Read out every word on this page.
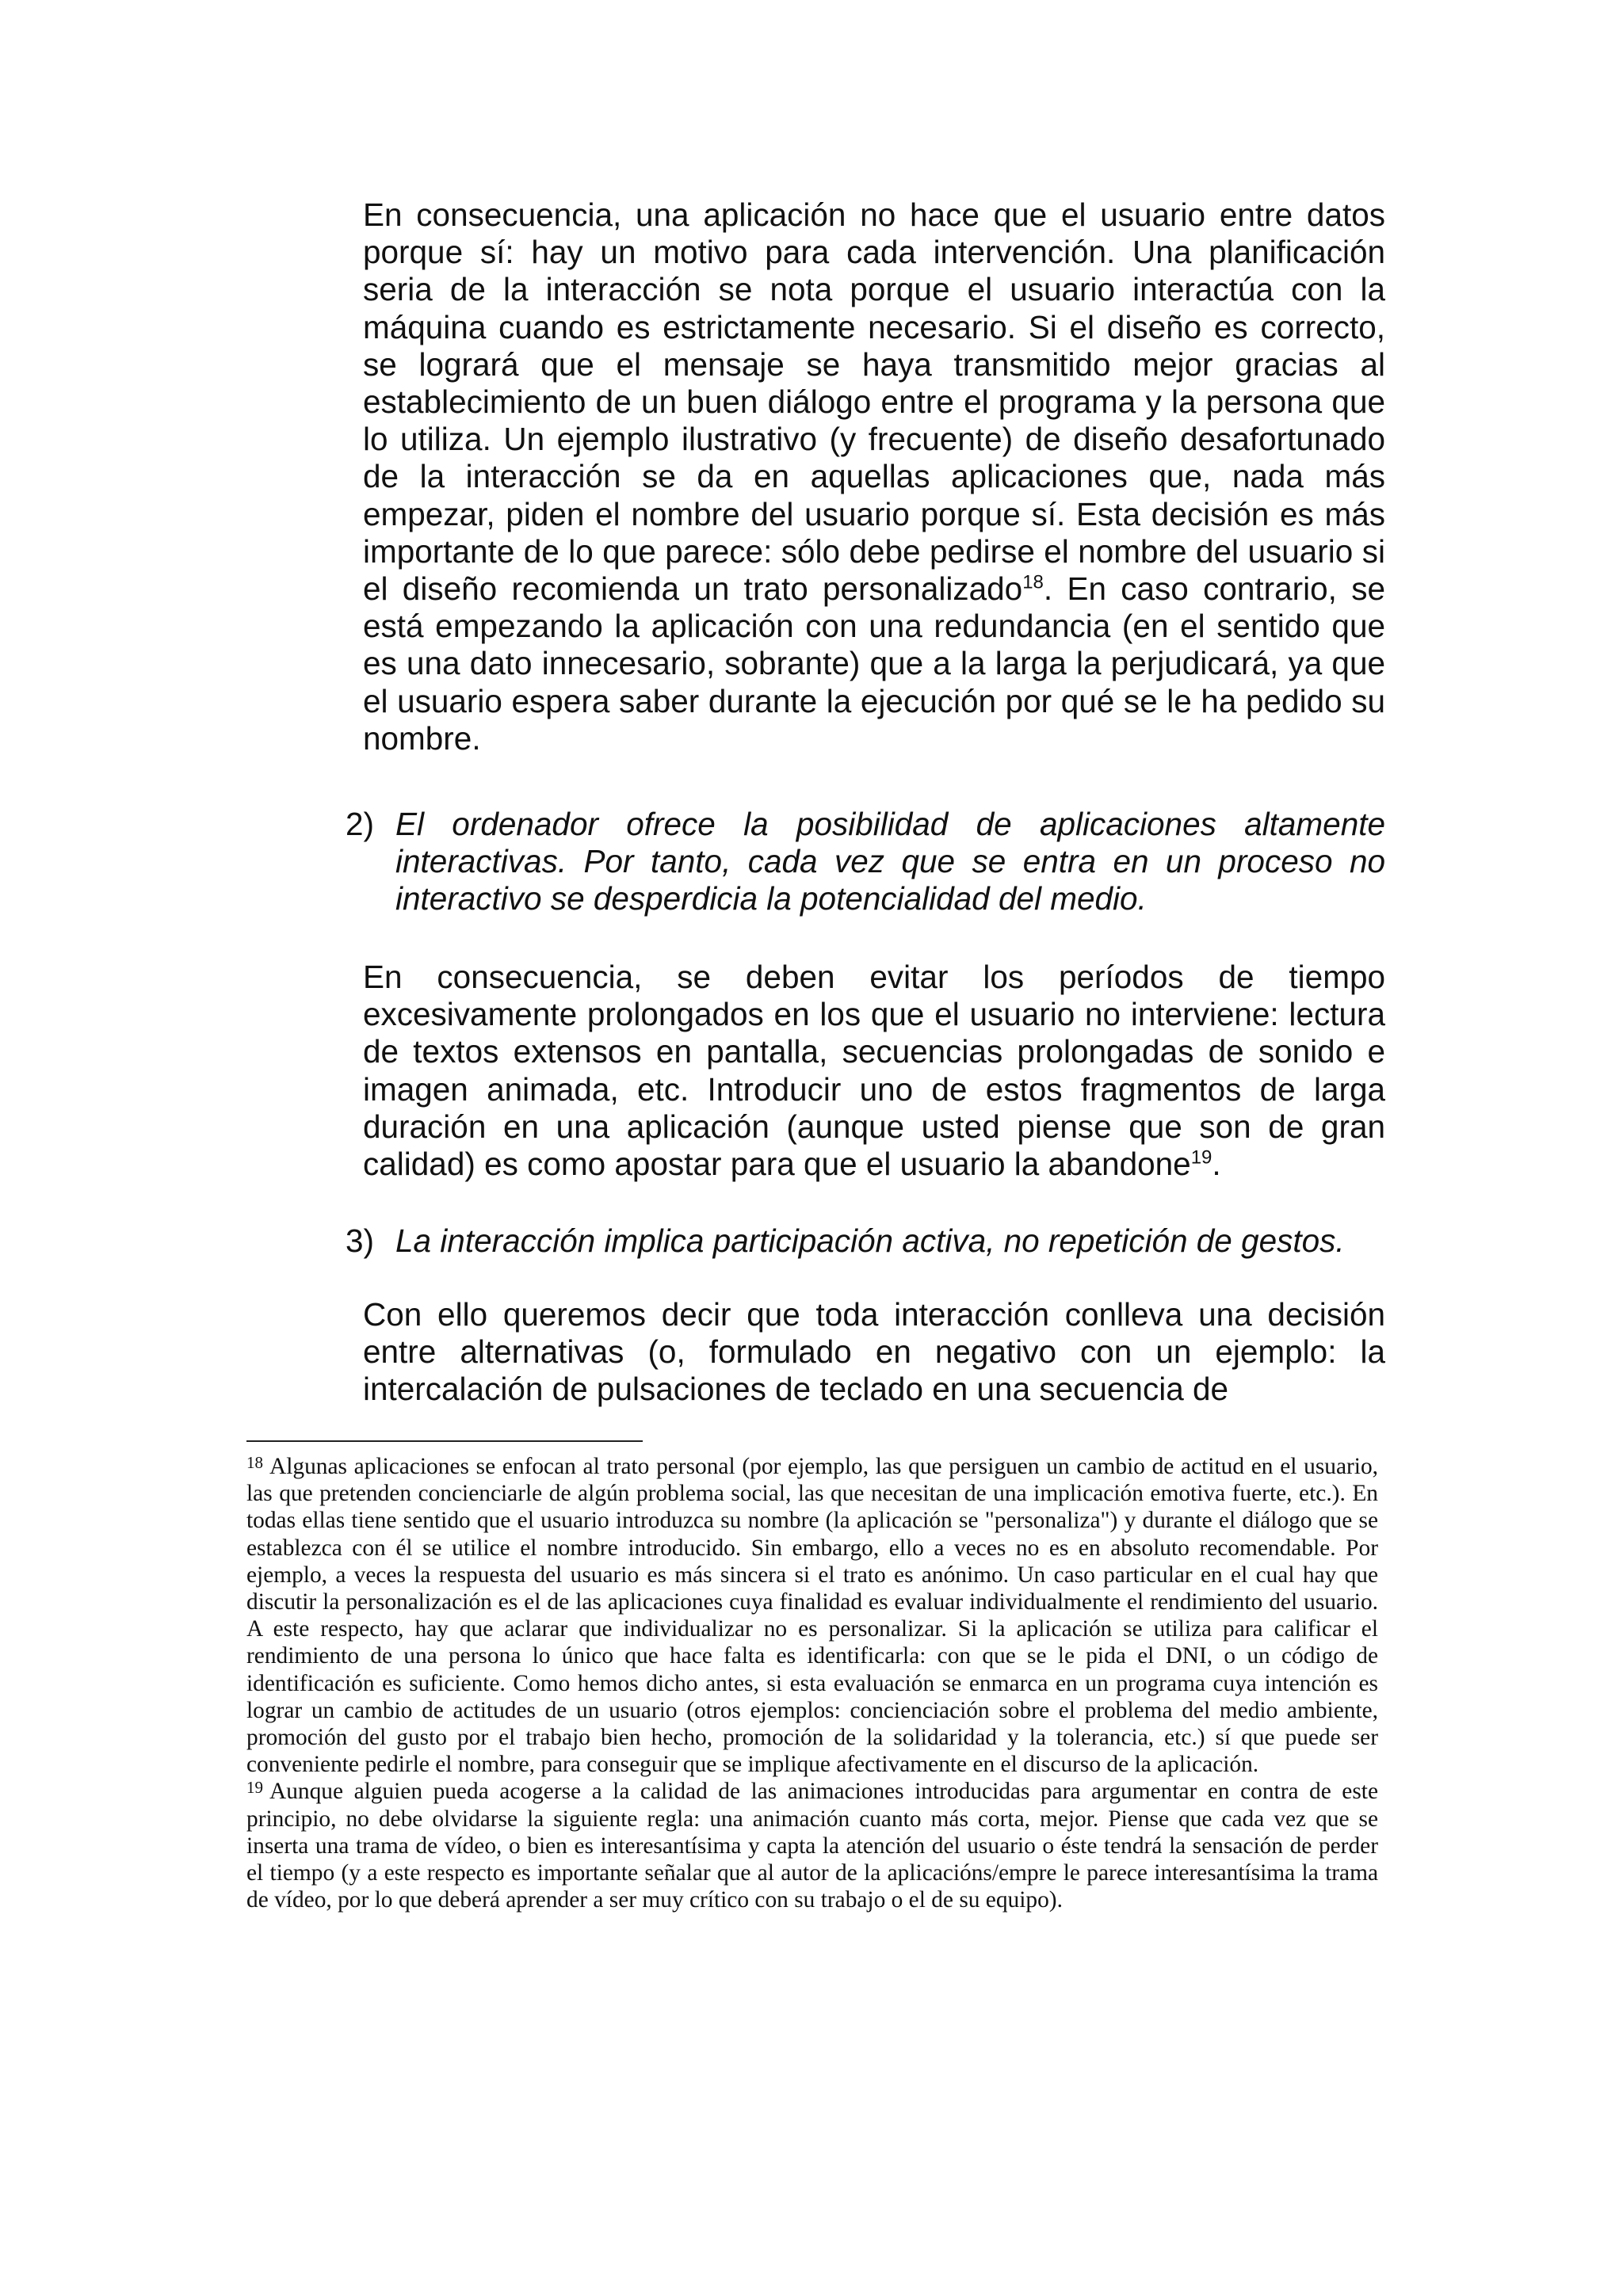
En consecuencia, una aplicación no hace que el usuario entre datos porque sí: hay un motivo para cada intervención. Una planificación seria de la interacción se nota porque el usuario interactúa con la máquina cuando es estrictamente necesario. Si el diseño es correcto, se logrará que el mensaje se haya transmitido mejor gracias al establecimiento de un buen diálogo entre el programa y la persona que lo utiliza. Un ejemplo ilustrativo (y frecuente) de diseño desafortunado de la interacción se da en aquellas aplicaciones que, nada más empezar, piden el nombre del usuario porque sí. Esta decisión es más importante de lo que parece: sólo debe pedirse el nombre del usuario si el diseño recomienda un trato personalizado$^{18}$. En caso contrario, se está empezando la aplicación con una redundancia (en el sentido que es una dato innecesario, sobrante) que a la larga la perjudicará, ya que el usuario espera saber durante la ejecución por qué se le ha pedido su nombre.

2) El ordenador ofrece la posibilidad de aplicaciones altamente interactivas. Por tanto, cada vez que se entra en un proceso no interactivo se desperdicia la potencialidad del medio.

En consecuencia, se deben evitar los períodos de tiempo excesivamente prolongados en los que el usuario no interviene: lectura de textos extensos en pantalla, secuencias prolongadas de sonido e imagen animada, etc. Introducir uno de estos fragmentos de larga duración en una aplicación (aunque usted piense que son de gran calidad) es como apostar para que el usuario la abandone$^{19}$.

3) La interacción implica participación activa, no repetición de gestos.

Con ello queremos decir que toda interacción conlleva una decisión entre alternativas (o, formulado en negativo con un ejemplo: la intercalación de pulsaciones de teclado en una secuencia de

$^{18}$ Algunas aplicaciones se enfocan al trato personal (por ejemplo, las que persiguen un cambio de actitud en el usuario, las que pretenden concienciarle de algún problema social, las que necesitan de una implicación emotiva fuerte, etc.). En todas ellas tiene sentido que el usuario introduzca su nombre (la aplicación se "personaliza") y durante el diálogo que se establezca con él se utilice el nombre introducido. Sin embargo, ello a veces no es en absoluto recomendable. Por ejemplo, a veces la respuesta del usuario es más sincera si el trato es anónimo. Un caso particular en el cual hay que discutir la personalización es el de las aplicaciones cuya finalidad es evaluar individualmente el rendimiento del usuario. A este respecto, hay que aclarar que individualizar no es personalizar. Si la aplicación se utiliza para calificar el rendimiento de una persona lo único que hace falta es identificarla: con que se le pida el DNI, o un código de identificación es suficiente. Como hemos dicho antes, si esta evaluación se enmarca en un programa cuya intención es lograr un cambio de actitudes de un usuario (otros ejemplos: concienciación sobre el problema del medio ambiente, promoción del gusto por el trabajo bien hecho, promoción de la solidaridad y la tolerancia, etc.) sí que puede ser conveniente pedirle el nombre, para conseguir que se implique afectivamente en el discurso de la aplicación.

$^{19}$ Aunque alguien pueda acogerse a la calidad de las animaciones introducidas para argumentar en contra de este principio, no debe olvidarse la siguiente regla: una animación cuanto más corta, mejor. Piense que cada vez que se inserta una trama de vídeo, o bien es interesantísima y capta la atención del usuario o éste tendrá la sensación de perder el tiempo (y a este respecto es importante señalar que al autor de la aplicacións/empre le parece interesantísima la trama de vídeo, por lo que deberá aprender a ser muy crítico con su trabajo o el de su equipo).
